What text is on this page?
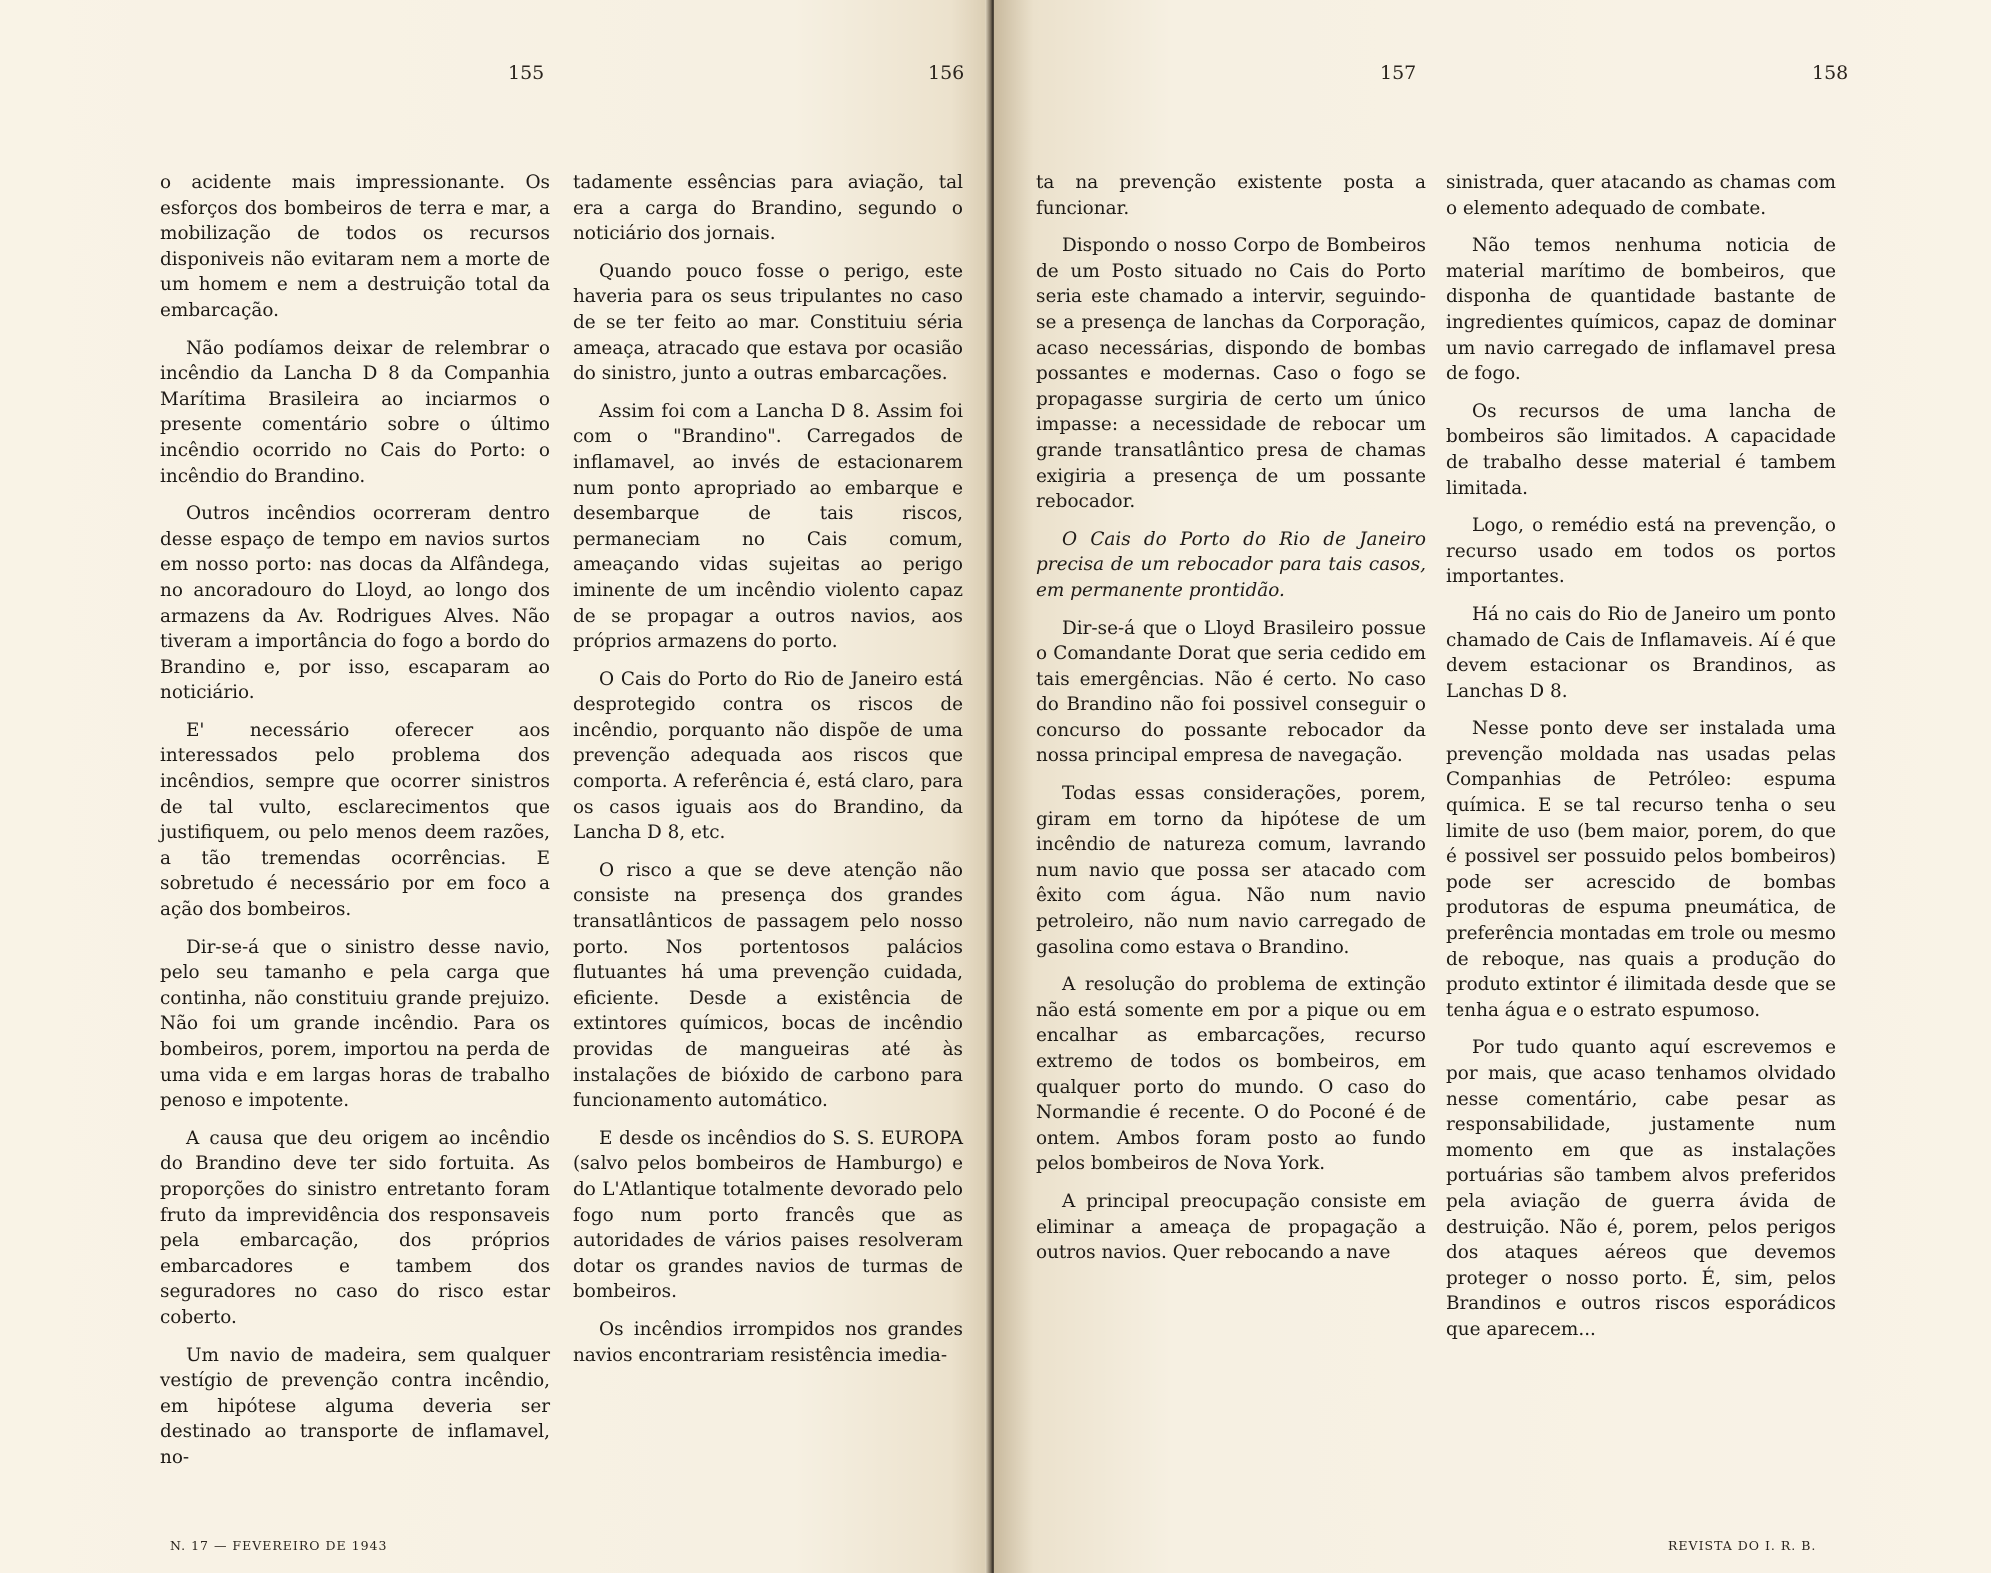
155	156

o acidente mais impressionante. Os esforços dos bombeiros de terra e mar, a mobilização de todos os recursos disponiveis não evitaram nem a morte de um homem e nem a destruição total da embarcação.

Não podíamos deixar de relembrar o incêndio da Lancha D 8 da Companhia Marítima Brasileira ao inciarmos o presente comentário sobre o último incêndio ocorrido no Cais do Porto: o incêndio do Brandino.

Outros incêndios ocorreram dentro desse espaço de tempo em navios surtos em nosso porto: nas docas da Alfândega, no ancoradouro do Lloyd, ao longo dos armazens da Av. Rodrigues Alves. Não tiveram a importância do fogo a bordo do Brandino e, por isso, escaparam ao noticiário.

E' necessário oferecer aos interessados pelo problema dos incêndios, sempre que ocorrer sinistros de tal vulto, esclarecimentos que justifiquem, ou pelo menos deem razões, a tão tremendas ocorrências. E sobretudo é necessário por em foco a ação dos bombeiros.

Dir-se-á que o sinistro desse navio, pelo seu tamanho e pela carga que continha, não constituiu grande prejuizo. Não foi um grande incêndio. Para os bombeiros, porem, importou na perda de uma vida e em largas horas de trabalho penoso e impotente.

A causa que deu origem ao incêndio do Brandino deve ter sido fortuita. As proporções do sinistro entretanto foram fruto da imprevidência dos responsaveis pela embarcação, dos próprios embarcadores e tambem dos seguradores no caso do risco estar coberto.

Um navio de madeira, sem qualquer vestígio de prevenção contra incêndio, em hipótese alguma deveria ser destinado ao transporte de inflamavel, no-

tadamente essências para aviação, tal era a carga do Brandino, segundo o noticiário dos jornais.

Quando pouco fosse o perigo, este haveria para os seus tripulantes no caso de se ter feito ao mar. Constituiu séria ameaça, atracado que estava por ocasião do sinistro, junto a outras embarcações.

Assim foi com a Lancha D 8. Assim foi com o "Brandino". Carregados de inflamavel, ao invés de estacionarem num ponto apropriado ao embarque e desembarque de tais riscos, permaneciam no Cais comum, ameaçando vidas sujeitas ao perigo iminente de um incêndio violento capaz de se propagar a outros navios, aos próprios armazens do porto.

O Cais do Porto do Rio de Janeiro está desprotegido contra os riscos de incêndio, porquanto não dispõe de uma prevenção adequada aos riscos que comporta. A referência é, está claro, para os casos iguais aos do Brandino, da Lancha D 8, etc.

O risco a que se deve atenção não consiste na presença dos grandes transatlânticos de passagem pelo nosso porto. Nos portentosos palácios flutuantes há uma prevenção cuidada, eficiente. Desde a existência de extintores químicos, bocas de incêndio providas de mangueiras até às instalações de bióxido de carbono para funcionamento automático.

E desde os incêndios do S. S. EUROPA (salvo pelos bombeiros de Hamburgo) e do L'Atlantique totalmente devorado pelo fogo num porto francês que as autoridades de vários paises resolveram dotar os grandes navios de turmas de bombeiros.

Os incêndios irrompidos nos grandes navios encontrariam resistência imedia-

N. 17 — FEVEREIRO DE 1943
157	158

ta na prevenção existente posta a funcionar.

Dispondo o nosso Corpo de Bombeiros de um Posto situado no Cais do Porto seria este chamado a intervir, seguindo-se a presença de lanchas da Corporação, acaso necessárias, dispondo de bombas possantes e modernas. Caso o fogo se propagasse surgiria de certo um único impasse: a necessidade de rebocar um grande transatlântico presa de chamas exigiria a presença de um possante rebocador.

O Cais do Porto do Rio de Janeiro precisa de um rebocador para tais casos, em permanente prontidão.

Dir-se-á que o Lloyd Brasileiro possue o Comandante Dorat que seria cedido em tais emergências. Não é certo. No caso do Brandino não foi possivel conseguir o concurso do possante rebocador da nossa principal empresa de navegação.

Todas essas considerações, porem, giram em torno da hipótese de um incêndio de natureza comum, lavrando num navio que possa ser atacado com êxito com água. Não num navio petroleiro, não num navio carregado de gasolina como estava o Brandino.

A resolução do problema de extinção não está somente em por a pique ou em encalhar as embarcações, recurso extremo de todos os bombeiros, em qualquer porto do mundo. O caso do Normandie é recente. O do Poconé é de ontem. Ambos foram posto ao fundo pelos bombeiros de Nova York.

A principal preocupação consiste em eliminar a ameaça de propagação a outros navios. Quer rebocando a nave

sinistrada, quer atacando as chamas com o elemento adequado de combate.

Não temos nenhuma noticia de material marítimo de bombeiros, que disponha de quantidade bastante de ingredientes químicos, capaz de dominar um navio carregado de inflamavel presa de fogo.

Os recursos de uma lancha de bombeiros são limitados. A capacidade de trabalho desse material é tambem limitada.

Logo, o remédio está na prevenção, o recurso usado em todos os portos importantes.

Há no cais do Rio de Janeiro um ponto chamado de Cais de Inflamaveis. Aí é que devem estacionar os Brandinos, as Lanchas D 8.

Nesse ponto deve ser instalada uma prevenção moldada nas usadas pelas Companhias de Petróleo: espuma química. E se tal recurso tenha o seu limite de uso (bem maior, porem, do que é possivel ser possuido pelos bombeiros) pode ser acrescido de bombas produtoras de espuma pneumática, de preferência montadas em trole ou mesmo de reboque, nas quais a produção do produto extintor é ilimitada desde que se tenha água e o estrato espumoso.

Por tudo quanto aquí escrevemos e por mais, que acaso tenhamos olvidado nesse comentário, cabe pesar as responsabilidade, justamente num momento em que as instalações portuárias são tambem alvos preferidos pela aviação de guerra ávida de destruição. Não é, porem, pelos perigos dos ataques aéreos que devemos proteger o nosso porto. É, sim, pelos Brandinos e outros riscos esporádicos que aparecem...

REVISTA DO I. R. B.
